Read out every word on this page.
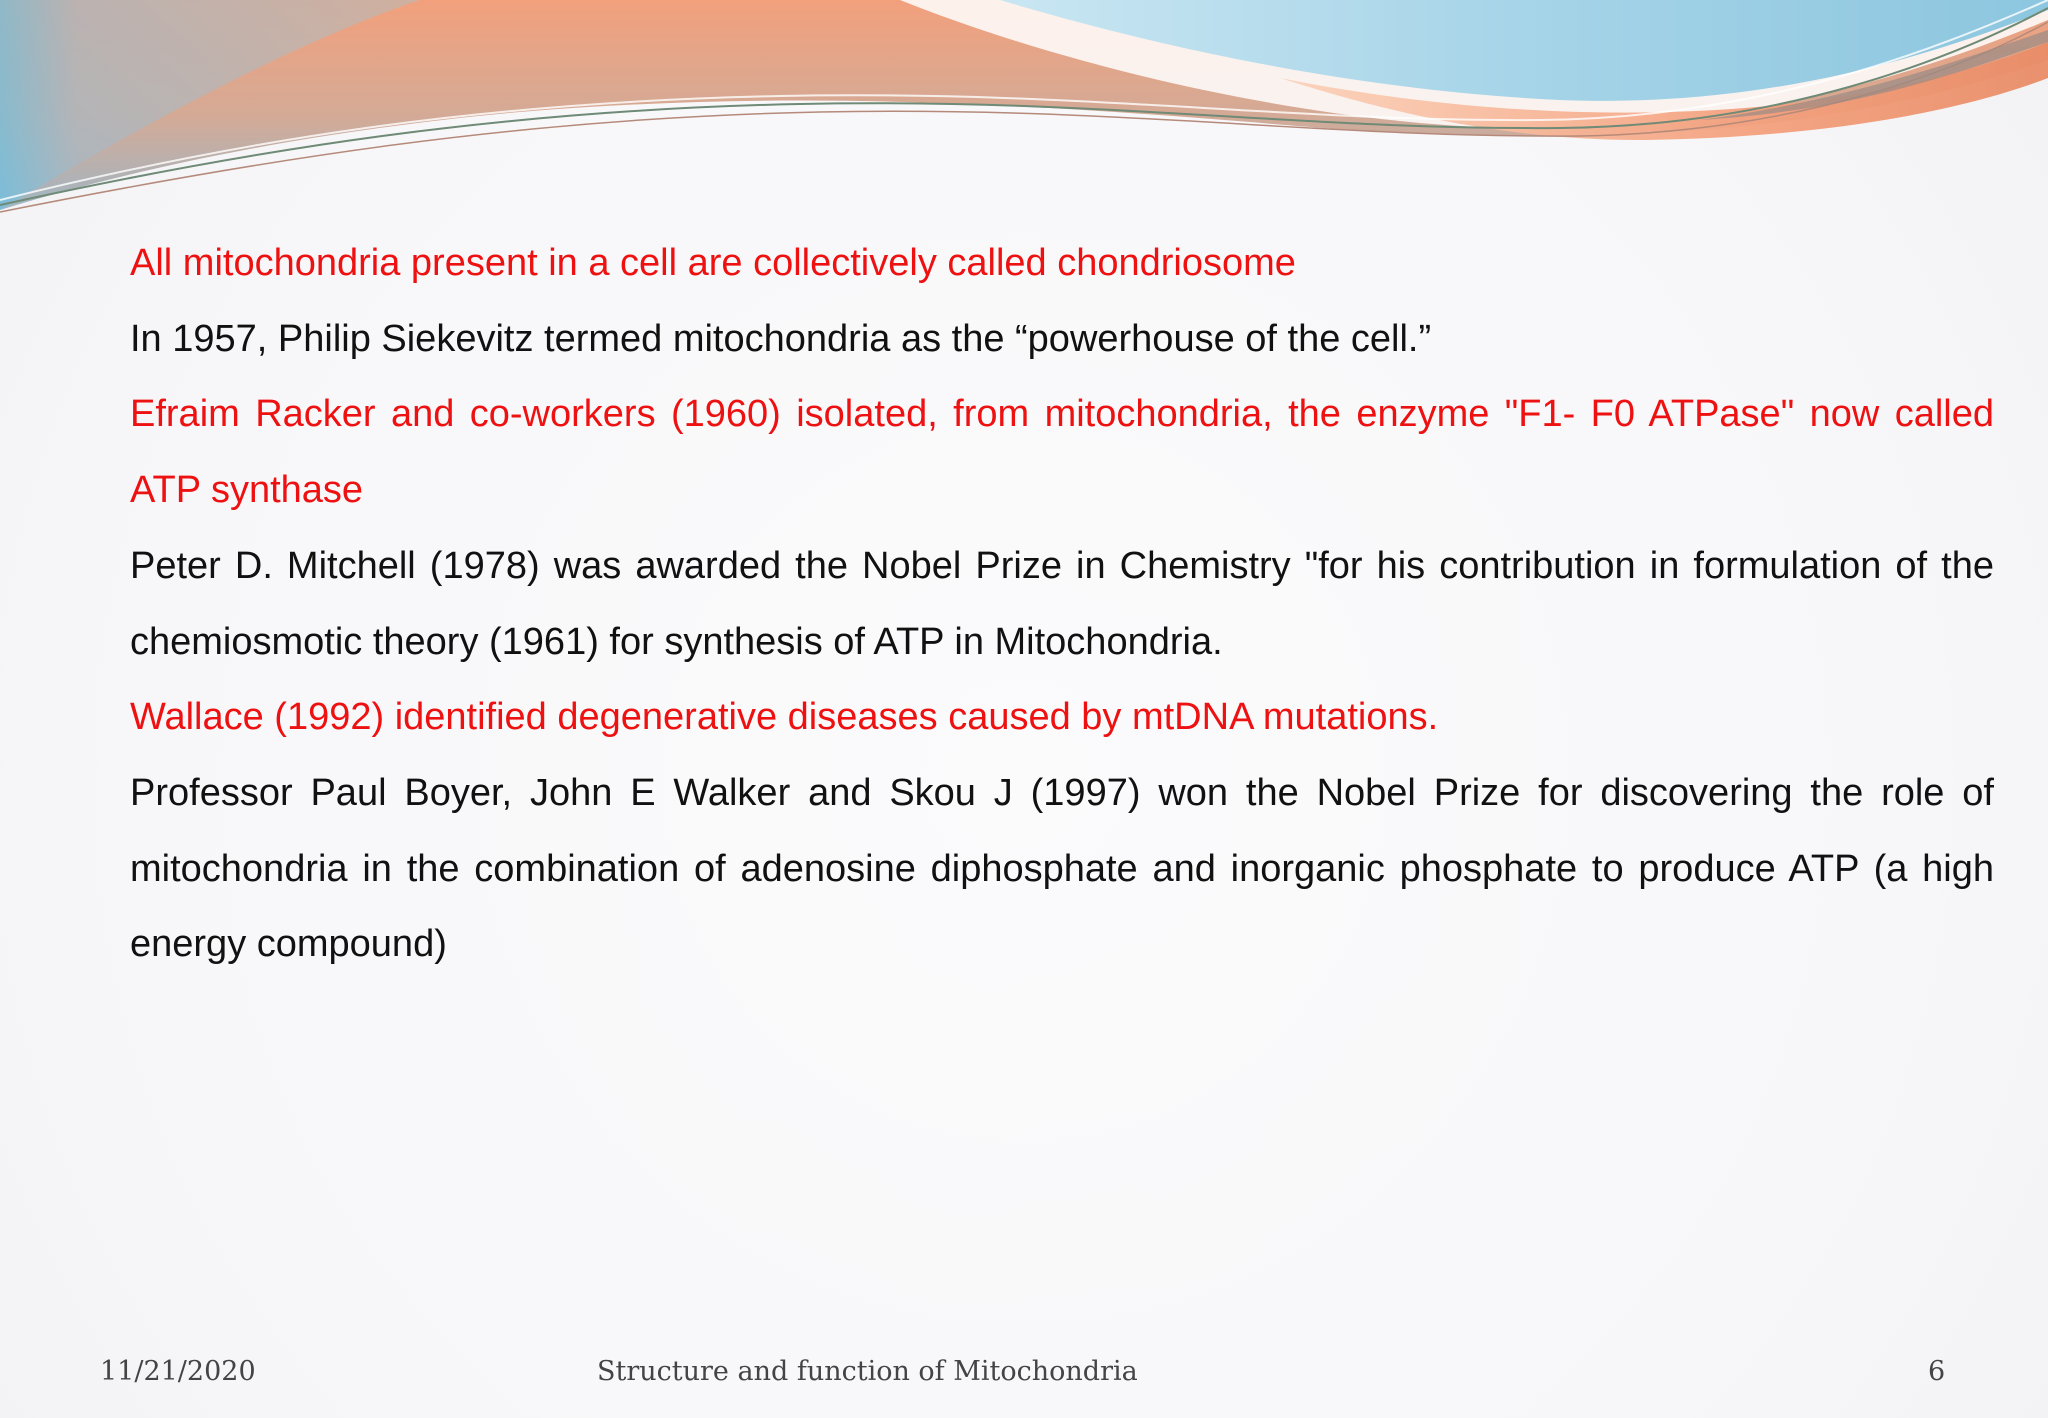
All mitochondria present in a cell are collectively called chondriosome

In 1957, Philip Siekevitz termed mitochondria as the “powerhouse of the cell.”

Efraim Racker and co-workers (1960) isolated, from mitochondria, the enzyme "F1- F0 ATPase" now called ATP synthase

Peter D. Mitchell (1978) was awarded the Nobel Prize in Chemistry "for his contribution in formulation of the chemiosmotic theory (1961) for synthesis of ATP in Mitochondria.

Wallace (1992) identified degenerative diseases caused by mtDNA mutations.

Professor Paul Boyer, John E Walker and Skou J (1997) won the Nobel Prize for discovering the role of mitochondria in the combination of adenosine diphosphate and inorganic phosphate to produce ATP (a high energy compound)

11/21/2020	Structure and function of Mitochondria	6
